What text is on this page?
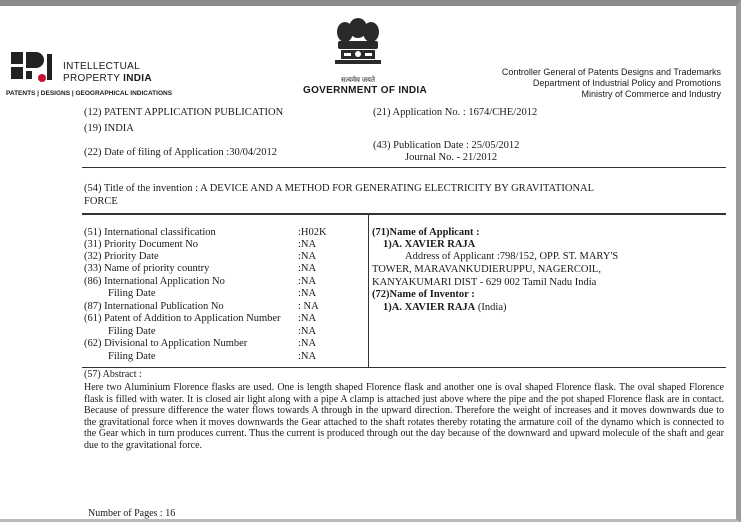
INTELLECTUAL
PROPERTY INDIA
PATENTS | DESIGNS | GEOGRAPHICAL INDICATIONS
सत्यमेव जयते
GOVERNMENT OF INDIA
Controller General of Patents Designs and Trademarks
Department of Industrial Policy and Promotions
Ministry of Commerce and Industry
(12) PATENT APPLICATION PUBLICATION
(19) INDIA
(22) Date of filing of Application :30/04/2012
(21) Application No. : 1674/CHE/2012
(43) Publication Date : 25/05/2012
Journal No. - 21/2012
(54) Title of the invention : A DEVICE AND A METHOD FOR GENERATING ELECTRICITY BY GRAVITATIONAL
FORCE
(51) International classification	:H02K
(31) Priority Document No	:NA
(32) Priority Date	:NA
(33) Name of priority country	:NA
(86) International Application No	:NA
Filing Date	:NA
(87) International Publication No	: NA
(61) Patent of Addition to Application Number :NA
Filing Date	:NA
(62) Divisional to Application Number	:NA
Filing Date	:NA
(71)Name of Applicant :
1)A. XAVIER RAJA
Address of Applicant :798/152, OPP. ST. MARY'S
TOWER, MARAVANKUDIERUPPU, NAGERCOIL,
KANYAKUMARI DIST - 629 002 Tamil Nadu India
(72)Name of Inventor :
1)A. XAVIER RAJA (India)
(57) Abstract :
Here two Aluminium Florence flasks are used. One is length shaped Florence flask and another one is oval shaped Florence flask. The oval shaped Florence flask is filled with water. It is closed air light along with a pipe A clamp is attached just above where the pipe and the pot shaped Florence flask are in contact. Because of pressure difference the water flows towards A through in the upward direction. Therefore the weight of increases and it moves downwards due to the gravitational force when it moves downwards the Gear attached to the shaft rotates thereby rotating the armature coil of the dynamo which is connected to the Gear which in turn produces current. Thus the current is produced through out the day because of the downward and upward molecule of the shaft and gear due to the gravitational force.
Number of Pages : 16
